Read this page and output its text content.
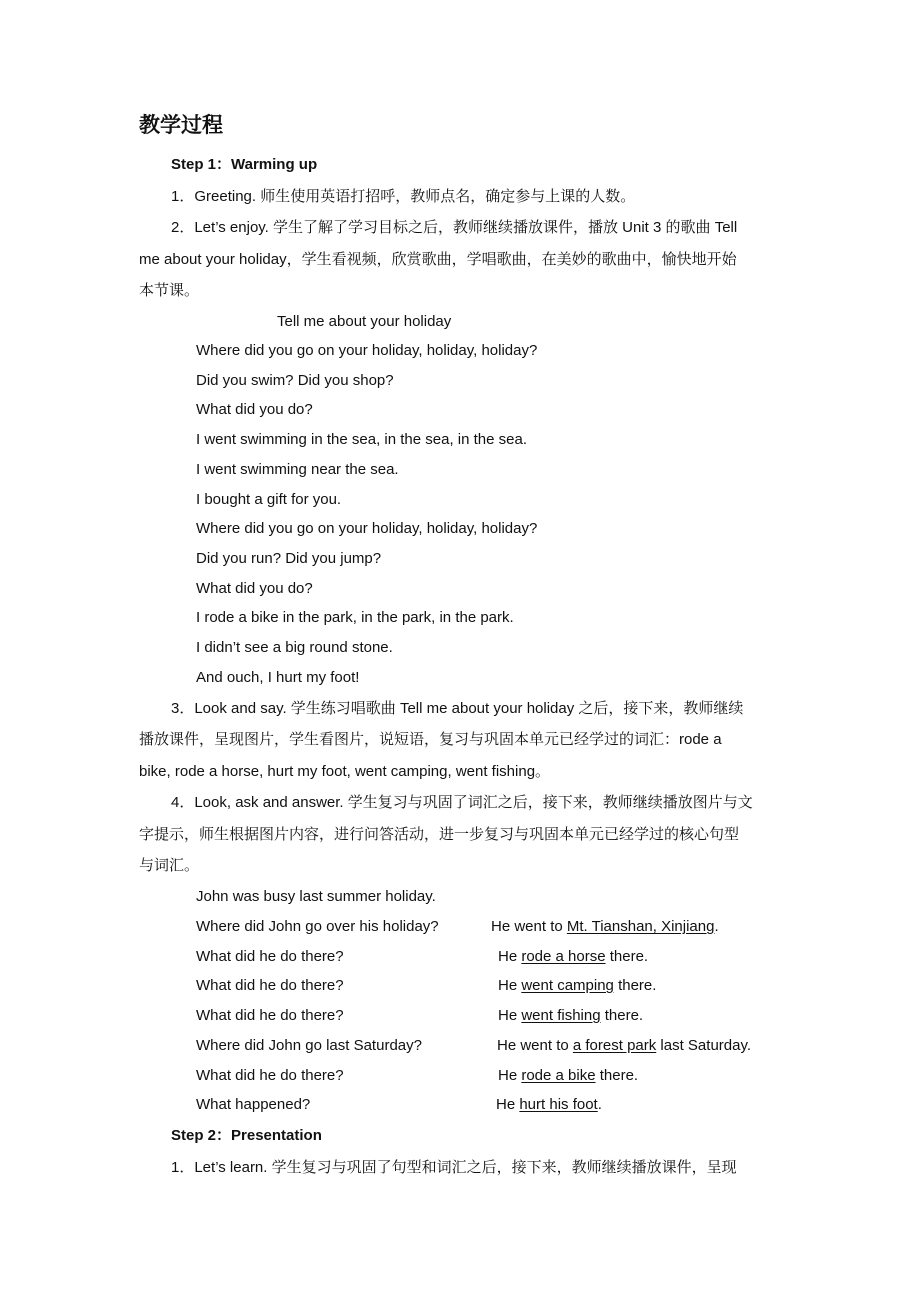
教学过程
Step 1：Warming up
1．Greeting. 师生使用英语打招呼，教师点名，确定参与上课的人数。
2．Let’s enjoy. 学生了解了学习目标之后，教师继续播放课件，播放 Unit 3 的歌曲 Tell
me about your holiday，学生看视频，欣赏歌曲，学唱歌曲，在美妙的歌曲中，愉快地开始
本节课。
Tell me about your holiday
Where did you go on your holiday, holiday, holiday?
Did you swim? Did you shop?
What did you do?
I went swimming in the sea, in the sea, in the sea.
I went swimming near the sea.
I bought a gift for you.
Where did you go on your holiday, holiday, holiday?
Did you run? Did you jump?
What did you do?
I rode a bike in the park, in the park, in the park.
I didn’t see a big round stone.
And ouch, I hurt my foot!
3．Look and say. 学生练习唱歌曲 Tell me about your holiday 之后，接下来，教师继续
播放课件，呈现图片，学生看图片，说短语，复习与巩固本单元已经学过的词汇：rode a
bike, rode a horse, hurt my foot, went camping, went fishing。
4．Look, ask and answer. 学生复习与巩固了词汇之后，接下来，教师继续播放图片与文
字提示，师生根据图片内容，进行问答活动，进一步复习与巩固本单元已经学过的核心句型
与词汇。
John was busy last summer holiday.
Where did John go over his holiday?	He went to Mt. Tianshan, Xinjiang.
What did he do there?	He rode a horse there.
What did he do there?	He went camping there.
What did he do there?	He went fishing there.
Where did John go last Saturday?	He went to a forest park last Saturday.
What did he do there?	He rode a bike there.
What happened?	He hurt his foot.
Step 2：Presentation
1．Let’s learn. 学生复习与巩固了句型和词汇之后，接下来，教师继续播放课件，呈现
